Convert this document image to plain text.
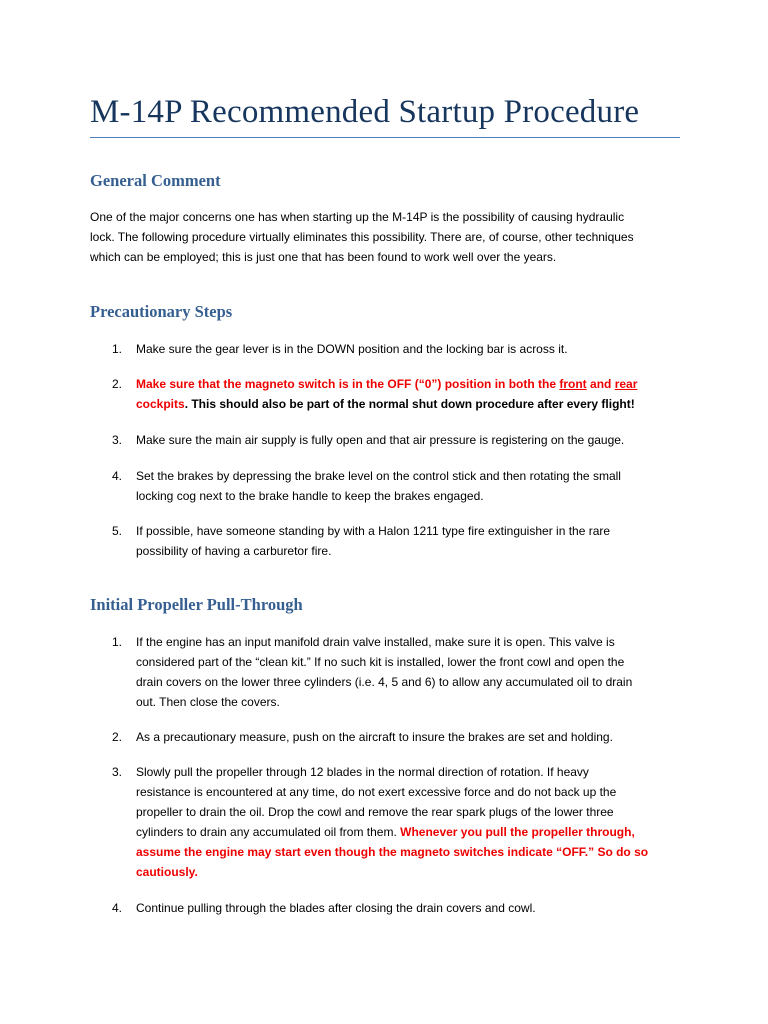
M-14P Recommended Startup Procedure
General Comment

One of the major concerns one has when starting up the M-14P is the possibility of causing hydraulic
lock. The following procedure virtually eliminates this possibility. There are, of course, other techniques
which can be employed; this is just one that has been found to work well over the years.

Precautionary Steps
1. Make sure the gear lever is in the DOWN position and the locking bar is across it.
2. Make sure that the magneto switch is in the OFF (“0”) position in both the front and rear
cockpits. This should also be part of the normal shut down procedure after every flight!
3. Make sure the main air supply is fully open and that air pressure is registering on the gauge.
4. Set the brakes by depressing the brake level on the control stick and then rotating the small
locking cog next to the brake handle to keep the brakes engaged.
5. If possible, have someone standing by with a Halon 1211 type fire extinguisher in the rare
possibility of having a carburetor fire.
Initial Propeller Pull-Through
1. If the engine has an input manifold drain valve installed, make sure it is open. This valve is
considered part of the “clean kit.” If no such kit is installed, lower the front cowl and open the
drain covers on the lower three cylinders (i.e. 4, 5 and 6) to allow any accumulated oil to drain
out. Then close the covers.
2. As a precautionary measure, push on the aircraft to insure the brakes are set and holding.
3. Slowly pull the propeller through 12 blades in the normal direction of rotation. If heavy
resistance is encountered at any time, do not exert excessive force and do not back up the
propeller to drain the oil. Drop the cowl and remove the rear spark plugs of the lower three
cylinders to drain any accumulated oil from them. Whenever you pull the propeller through,
assume the engine may start even though the magneto switches indicate “OFF.” So do so
cautiously.
4. Continue pulling through the blades after closing the drain covers and cowl.
